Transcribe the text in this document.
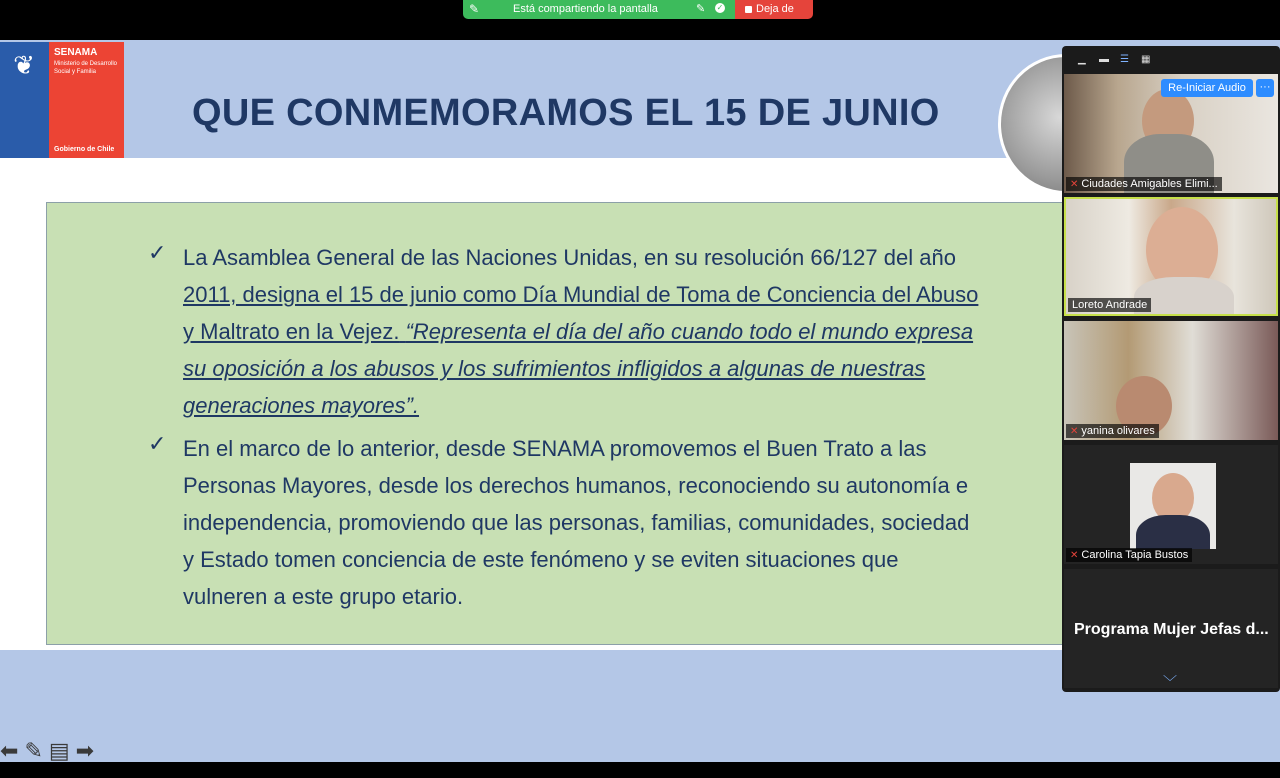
✎	Está compartiendo la pantalla	✎ ✓	Deja de
❦	SENAMA
Ministerio de Desarrollo Social y Familia
Gobierno de Chile
QUE CONMEMORAMOS EL 15 DE JUNIO
✓ La Asamblea General de las Naciones Unidas, en su resolución 66/127 del año
2011, designa el 15 de junio como Día Mundial de Toma de Conciencia del Abuso
y Maltrato en la Vejez. “Representa el día del año cuando todo el mundo expresa
su oposición a los abusos y los sufrimientos infligidos a algunas de nuestras
generaciones mayores”.
✓ En el marco de lo anterior, desde SENAMA promovemos el Buen Trato a las
Personas Mayores, desde los derechos humanos, reconociendo su autonomía e
independencia, promoviendo que las personas, familias, comunidades, sociedad
y Estado tomen conciencia de este fenómeno y se eviten situaciones que
vulneren a este grupo etario.
⬅ ✎ ▤ ➡
▁ ▬ ☰ ▦
✕ Ciudades Amigables Elimi...
Loreto Andrade
✕ yanina olivares
✕ Carolina Tapia Bustos
Programa Mujer Jefas d...
﹀
Re-Iniciar Audio	···
